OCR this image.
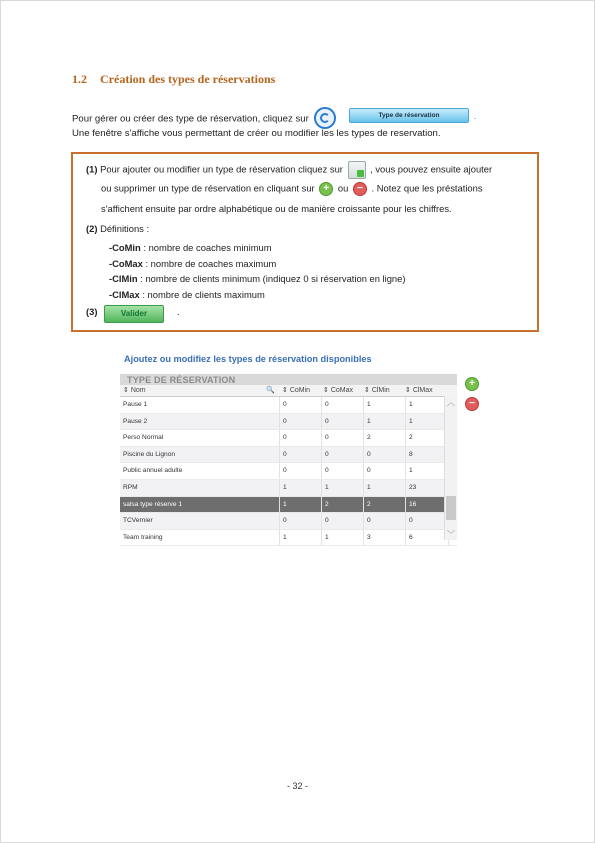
1.2 Création des types de réservations
Pour gérer ou créer des type de réservation, cliquez sur	Type de réservation	.
Une fenêtre s'affiche vous permettant de créer ou modifier les les types de reservation.
(1) Pour ajouter ou modifier un type de réservation cliquez sur	, vous pouvez ensuite ajouter
ou supprimer un type de réservation en cliquant sur + ou − . Notez que les préstations
s'affichent ensuite par ordre alphabétique ou de manière croissante pour les chiffres.
(2) Définitions :
-CoMin : nombre de coaches minimum
-CoMax : nombre de coaches maximum
-ClMin : nombre de clients minimum (indiquez 0 si réservation en ligne)
-ClMax : nombre de clients maximum
(3)	Valider	.
Ajoutez ou modifiez les types de réservation disponibles
TYPE DE RÉSERVATION
⇕ Nom	🔍	⇕ CoMin	⇕ CoMax	⇕ ClMin	⇕ ClMax
Pause 1	0	0	1	1
Pause 2	0	0	1	1
Perso Normal	0	0	2	2
Piscine du Lignon	0	0	0	8
Public annuel adulte	0	0	0	1
RPM	1	1	1	23
salsa type réserve 1	1	2	2	16
TCVernier	0	0	0	0
Team training	1	1	3	6
︿
﹀
+
−
- 32 -
